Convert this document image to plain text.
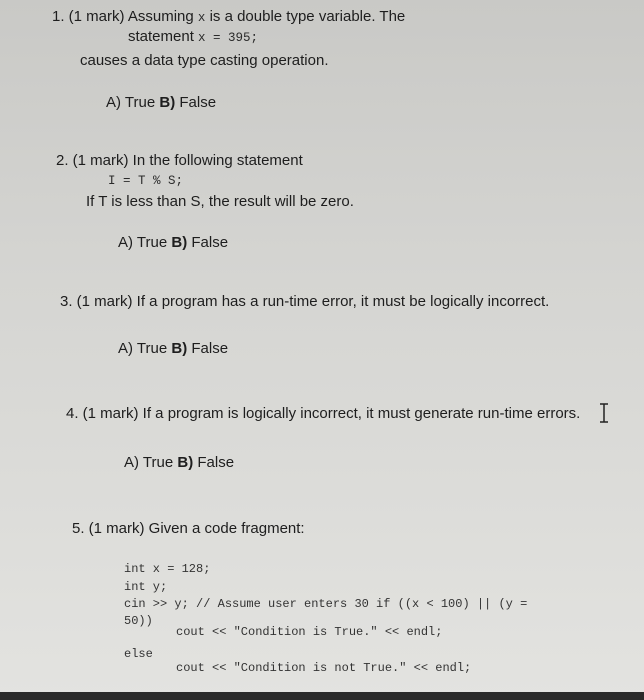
1. (1 mark) Assuming x is a double type variable. The
statement x = 395;
causes a data type casting operation.
A) True B) False
2. (1 mark) In the following statement
I = T % S;
If T is less than S, the result will be zero.
A) True B) False
3. (1 mark) If a program has a run-time error, it must be logically incorrect.
A) True B) False
4. (1 mark) If a program is logically incorrect, it must generate run-time errors.
A) True B) False
5. (1 mark) Given a code fragment:
int x = 128;
int y;
cin >> y; // Assume user enters 30 if ((x < 100) || (y =
50))
cout << "Condition is True." << endl;
else
cout << "Condition is not True." << endl;
